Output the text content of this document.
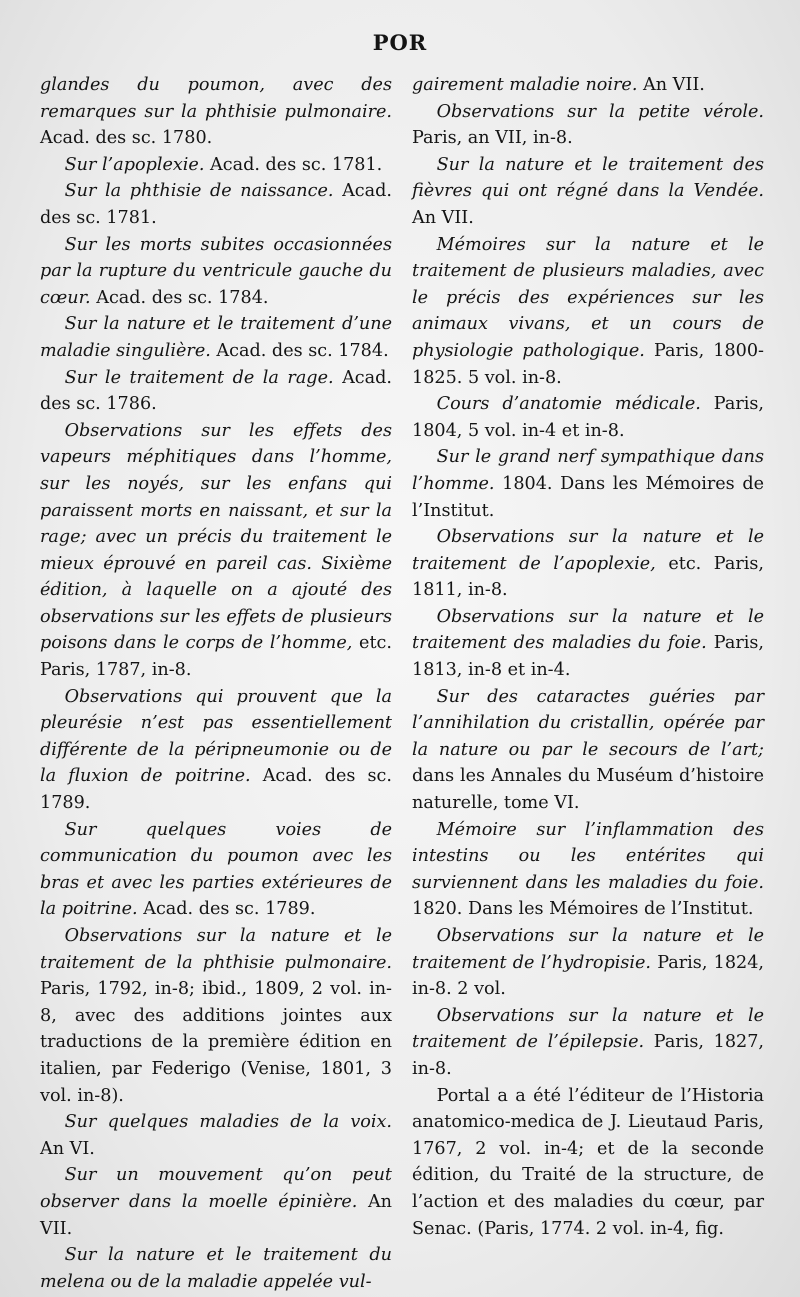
POR

glandes du poumon, avec des remarques sur la phthisie pulmonaire. Acad. des sc. 1780.

Sur l’apoplexie. Acad. des sc. 1781.

Sur la phthisie de naissance. Acad. des sc. 1781.

Sur les morts subites occasionnées par la rupture du ventricule gauche du cœur. Acad. des sc. 1784.

Sur la nature et le traitement d’une maladie singulière. Acad. des sc. 1784.

Sur le traitement de la rage. Acad. des sc. 1786.

Observations sur les effets des vapeurs méphitiques dans l’homme, sur les noyés, sur les enfans qui paraissent morts en naissant, et sur la rage; avec un précis du traitement le mieux éprouvé en pareil cas. Sixième édition, à laquelle on a ajouté des observations sur les effets de plusieurs poisons dans le corps de l’homme, etc. Paris, 1787, in-8.

Observations qui prouvent que la pleurésie n’est pas essentiellement différente de la péripneumonie ou de la fluxion de poitrine. Acad. des sc. 1789.

Sur quelques voies de communication du poumon avec les bras et avec les parties extérieures de la poitrine. Acad. des sc. 1789.

Observations sur la nature et le traitement de la phthisie pulmonaire. Paris, 1792, in-8; ibid., 1809, 2 vol. in-8, avec des additions jointes aux traductions de la première édition en italien, par Federigo (Venise, 1801, 3 vol. in-8).

Sur quelques maladies de la voix. An VI.

Sur un mouvement qu’on peut observer dans la moelle épinière. An VII.

Sur la nature et le traitement du melena ou de la maladie appelée vul-

gairement maladie noire. An VII.

Observations sur la petite vérole. Paris, an VII, in-8.

Sur la nature et le traitement des fièvres qui ont régné dans la Vendée. An VII.

Mémoires sur la nature et le traitement de plusieurs maladies, avec le précis des expériences sur les animaux vivans, et un cours de physiologie pathologique. Paris, 1800-1825. 5 vol. in-8.

Cours d’anatomie médicale. Paris, 1804, 5 vol. in-4 et in-8.

Sur le grand nerf sympathique dans l’homme. 1804. Dans les Mémoires de l’Institut.

Observations sur la nature et le traitement de l’apoplexie, etc. Paris, 1811, in-8.

Observations sur la nature et le traitement des maladies du foie. Paris, 1813, in-8 et in-4.

Sur des cataractes guéries par l’annihilation du cristallin, opérée par la nature ou par le secours de l’art; dans les Annales du Muséum d’histoire naturelle, tome VI.

Mémoire sur l’inflammation des intestins ou les entérites qui surviennent dans les maladies du foie. 1820. Dans les Mémoires de l’Institut.

Observations sur la nature et le traitement de l’hydropisie. Paris, 1824, in-8. 2 vol.

Observations sur la nature et le traitement de l’épilepsie. Paris, 1827, in-8.

Portal a a été l’éditeur de l’Historia anatomico-medica de J. Lieutaud Paris, 1767, 2 vol. in-4; et de la seconde édition, du Traité de la structure, de l’action et des maladies du cœur, par Senac. (Paris, 1774. 2 vol. in-4, fig.
